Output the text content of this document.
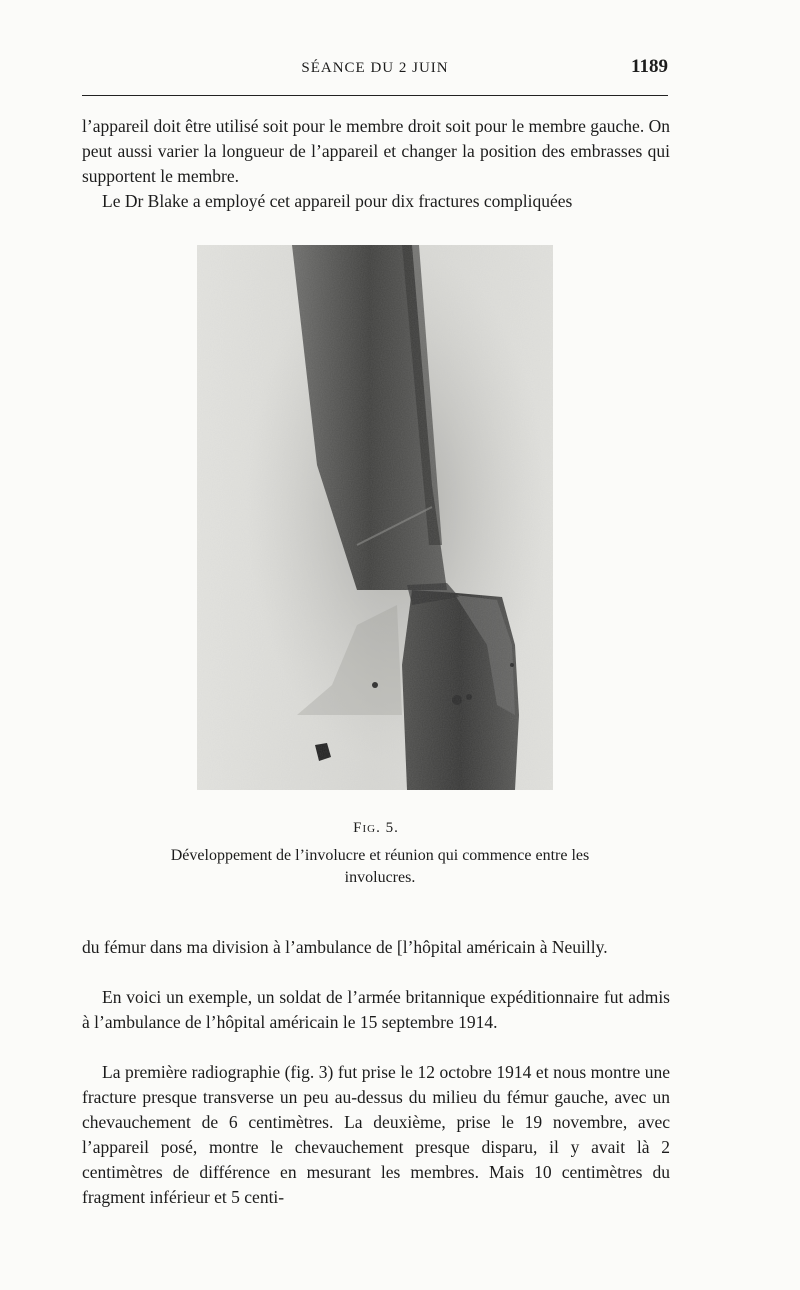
SÉANCE DU 2 JUIN	1189

l’appareil doit être utilisé soit pour le membre droit soit pour le membre gauche. On peut aussi varier la longueur de l’appareil et changer la position des embrasses qui supportent le membre.

Le Dr Blake a employé cet appareil pour dix fractures compliquées

Fig. 5.
Développement de l’involucre et réunion qui commence entre les involucres.

du fémur dans ma division à l’ambulance de [l’hôpital américain à Neuilly.

En voici un exemple, un soldat de l’armée britannique expéditionnaire fut admis à l’ambulance de l’hôpital américain le 15 septembre 1914.

La première radiographie (fig. 3) fut prise le 12 octobre 1914 et nous montre une fracture presque transverse un peu au-dessus du milieu du fémur gauche, avec un chevauchement de 6 centimètres. La deuxième, prise le 19 novembre, avec l’appareil posé, montre le chevauchement presque disparu, il y avait là 2 centimètres de différence en mesurant les membres. Mais 10 centimètres du fragment inférieur et 5 centi-
